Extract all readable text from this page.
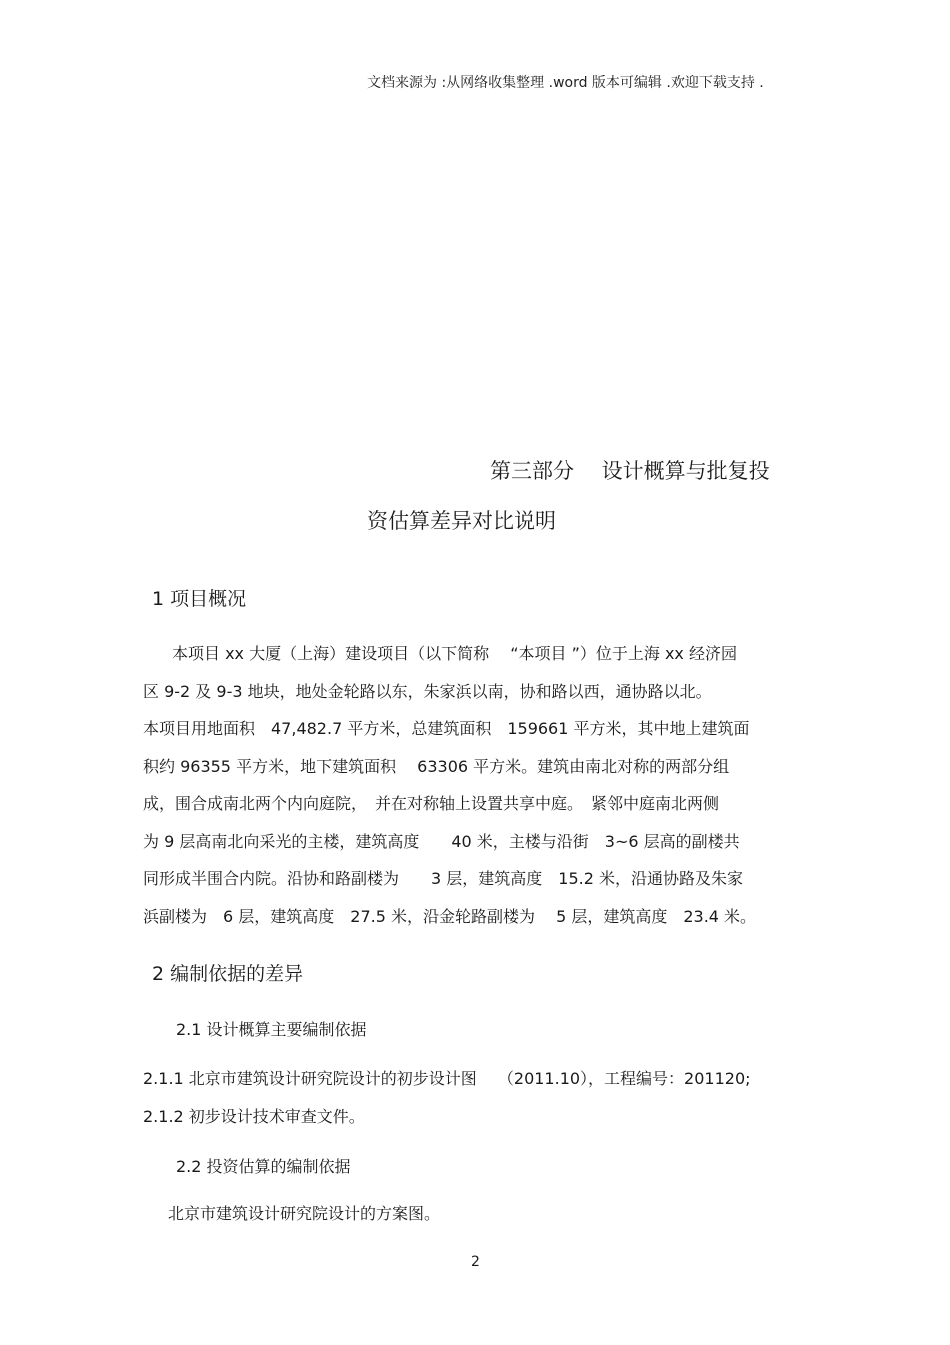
文档来源为 :从网络收集整理 .word 版本可编辑 .欢迎下载支持 .
第三部分　 设计概算与批复投
资估算差异对比说明
1 项目概况
本项目 xx 大厦（上海）建设项目（以下简称　 “本项目 ”）位于上海 xx 经济园
区 9-2 及 9-3 地块，地处金轮路以东，朱家浜以南，协和路以西，通协路以北。
本项目用地面积　47,482.7 平方米，总建筑面积　159661 平方米，其中地上建筑面
积约 96355 平方米，地下建筑面积　 63306 平方米。建筑由南北对称的两部分组
成，围合成南北两个内向庭院，　并在对称轴上设置共享中庭。　紧邻中庭南北两侧
为 9 层高南北向采光的主楼，建筑高度　　40 米，主楼与沿街　3~6 层高的副楼共
同形成半围合内院。沿协和路副楼为　　3 层，建筑高度　15.2 米，沿通协路及朱家
浜副楼为　6 层，建筑高度　27.5 米，沿金轮路副楼为　 5 层，建筑高度　23.4 米。
2 编制依据的差异
2.1 设计概算主要编制依据
2.1.1 北京市建筑设计研究院设计的初步设计图　 （2011.10），工程编号：201120;
2.1.2 初步设计技术审查文件。
2.2 投资估算的编制依据
北京市建筑设计研究院设计的方案图。
2
